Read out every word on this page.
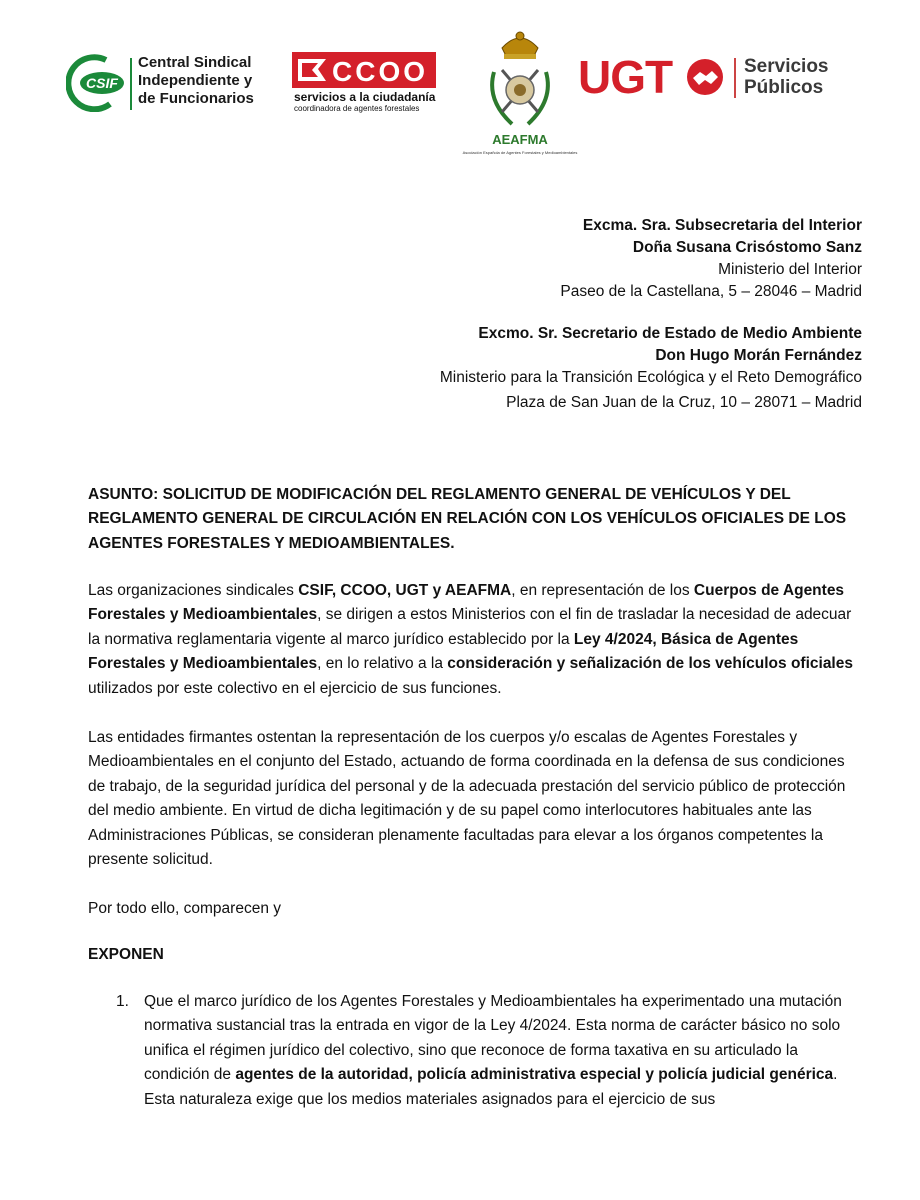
CSIF
Central Sindical
Independiente y
de Funcionarios
CCOO
servicios a la ciudadanía
coordinadora de agentes forestales
AEAFMA
Asociación Española de Agentes Forestales y Medioambientales
UGT	Servicios
Públicos
Excma. Sra. Subsecretaria del Interior
Doña Susana Crisóstomo Sanz
Ministerio del Interior
Paseo de la Castellana, 5 – 28046 – Madrid
Excmo. Sr. Secretario de Estado de Medio Ambiente
Don Hugo Morán Fernández
Ministerio para la Transición Ecológica y el Reto Demográfico
Plaza de San Juan de la Cruz, 10 – 28071 – Madrid
ASUNTO: SOLICITUD DE MODIFICACIÓN DEL REGLAMENTO GENERAL DE VEHÍCULOS Y DEL REGLAMENTO GENERAL DE CIRCULACIÓN EN RELACIÓN CON LOS VEHÍCULOS OFICIALES DE LOS AGENTES FORESTALES Y MEDIOAMBIENTALES.

Las organizaciones sindicales CSIF, CCOO, UGT y AEAFMA, en representación de los Cuerpos de Agentes Forestales y Medioambientales, se dirigen a estos Ministerios con el fin de trasladar la necesidad de adecuar la normativa reglamentaria vigente al marco jurídico establecido por la Ley 4/2024, Básica de Agentes Forestales y Medioambientales, en lo relativo a la consideración y señalización de los vehículos oficiales utilizados por este colectivo en el ejercicio de sus funciones.

Las entidades firmantes ostentan la representación de los cuerpos y/o escalas de Agentes Forestales y Medioambientales en el conjunto del Estado, actuando de forma coordinada en la defensa de sus condiciones de trabajo, de la seguridad jurídica del personal y de la adecuada prestación del servicio público de protección del medio ambiente. En virtud de dicha legitimación y de su papel como interlocutores habituales ante las Administraciones Públicas, se consideran plenamente facultadas para elevar a los órganos competentes la presente solicitud.
Por todo ello, comparecen y
EXPONEN
1. Que el marco jurídico de los Agentes Forestales y Medioambientales ha experimentado una mutación normativa sustancial tras la entrada en vigor de la Ley 4/2024. Esta norma de carácter básico no solo unifica el régimen jurídico del colectivo, sino que reconoce de forma taxativa en su articulado la condición de agentes de la autoridad, policía administrativa especial y policía judicial genérica. Esta naturaleza exige que los medios materiales asignados para el ejercicio de sus
